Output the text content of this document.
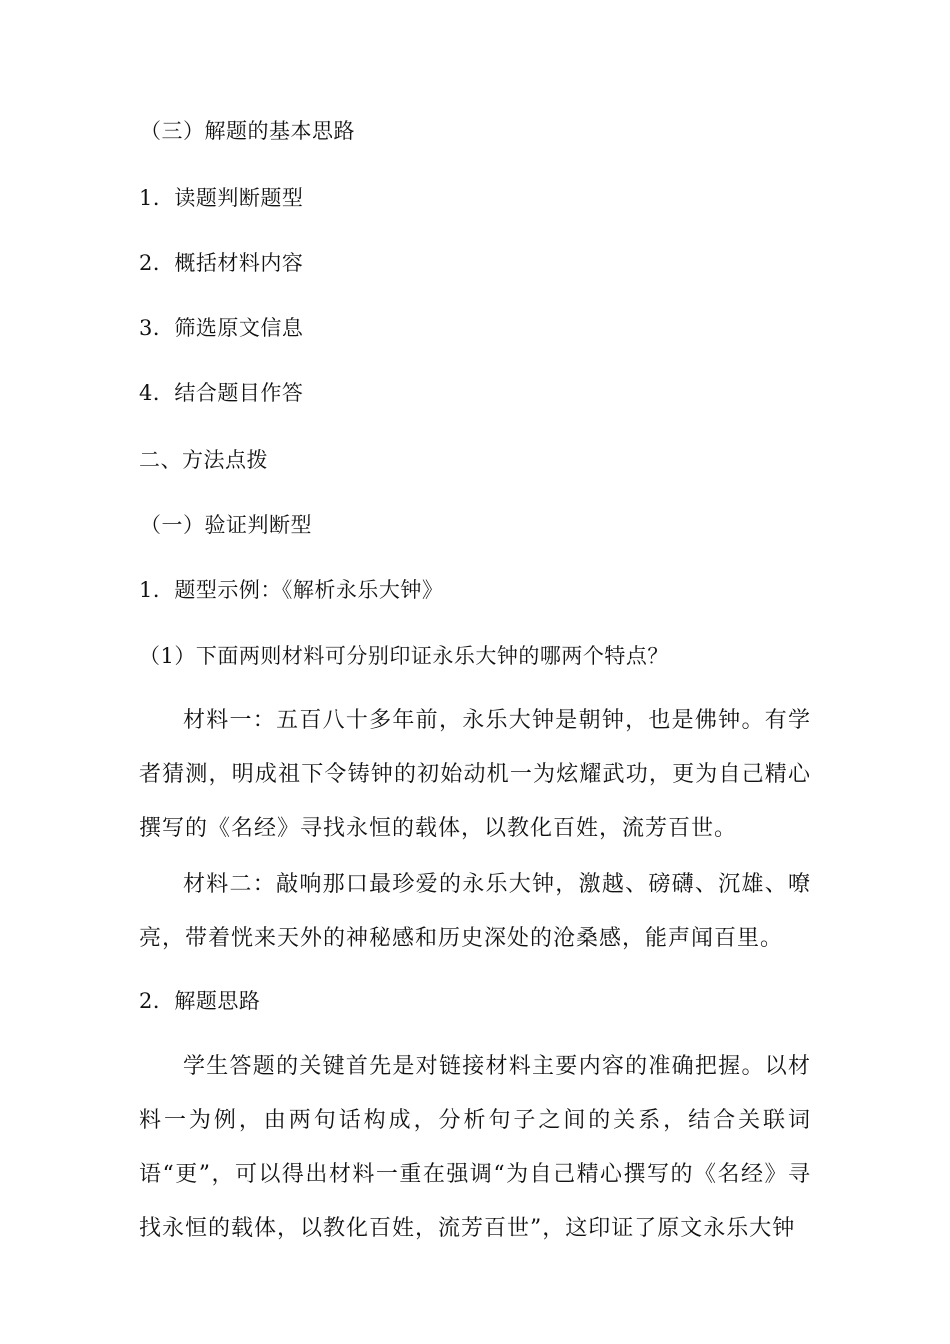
（三）解题的基本思路
1．读题判断题型
2．概括材料内容
3．筛选原文信息
4．结合题目作答
二、方法点拨
（一）验证判断型
1．题型示例：《解析永乐大钟》
（1）下面两则材料可分别印证永乐大钟的哪两个特点？
材料一：五百八十多年前，永乐大钟是朝钟，也是佛钟。有学者猜测，明成祖下令铸钟的初始动机一为炫耀武功，更为自己精心撰写的《名经》寻找永恒的载体，以教化百姓，流芳百世。
材料二：敲响那口最珍爱的永乐大钟，激越、磅礴、沉雄、嘹亮，带着恍来天外的神秘感和历史深处的沧桑感，能声闻百里。
2．解题思路
学生答题的关键首先是对链接材料主要内容的准确把握。以材料一为例，由两句话构成，分析句子之间的关系，结合关联词语“更”，可以得出材料一重在强调“为自己精心撰写的《名经》寻找永恒的载体，以教化百姓，流芳百世”，这印证了原文永乐大钟
